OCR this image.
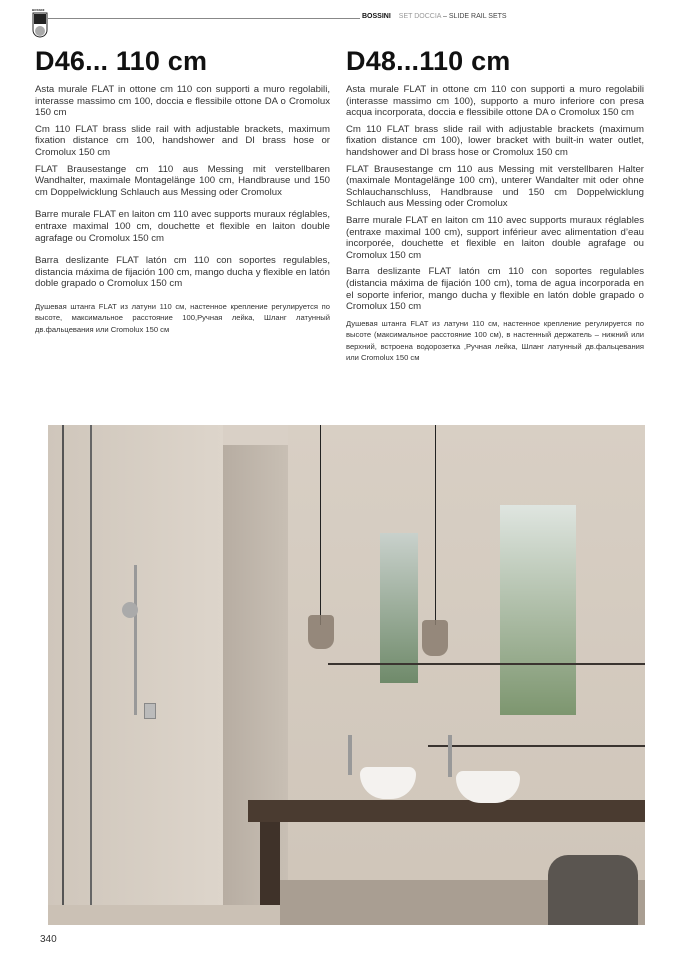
BOSSINI
BOSSINI SET DOCCIA – SLIDE RAIL SETS
D46... 110 cm	D48...110 cm

Asta murale FLAT in ottone cm 110 con supporti a muro regolabili, interasse massimo cm 100, doccia e flessibile ottone DA o Cromolux 150 cm

Cm 110 FLAT brass slide rail with adjustable brackets, maximum fixation distance cm 100, handshower and DI brass hose or Cromolux 150 cm

FLAT Brausestange cm 110 aus Messing mit verstellbaren Wandhalter, maximale Montagelänge 100 cm, Handbrause und 150 cm Doppelwicklung Schlauch aus Messing oder Cromolux

Barre murale FLAT en laiton cm 110 avec supports muraux réglables, entraxe maximal 100 cm, douchette et flexible en laiton double agrafage ou Cromolux 150 cm

Barra deslizante FLAT latón cm 110 con soportes regulables, distancia máxima de fijación 100 cm, mango ducha y flexible en latón doble grapado o Cromolux 150 cm

Душевая штанга FLAT из латуни 110 см, настенное крепление регулируется по высоте, максимальное расстояние 100,Ручная лейка, Шланг латунный дв.фальцевания или Cromolux 150 см

Asta murale FLAT in ottone cm 110 con supporti a muro regolabili (interasse massimo cm 100), supporto a muro inferiore con presa acqua incorporata, doccia e flessibile ottone DA o Cromolux 150 cm

Cm 110 FLAT brass slide rail with adjustable brackets (maximum fixation distance cm 100), lower bracket with built-in water outlet, handshower and DI brass hose or Cromolux 150 cm

FLAT Brausestange cm 110 aus Messing mit verstellbaren Halter (maximale Montagelänge 100 cm), unterer Wandalter mit oder ohne Schlauchanschluss, Handbrause und 150 cm Doppelwicklung Schlauch aus Messing oder Cromolux

Barre murale FLAT en laiton cm 110 avec supports muraux réglables (entraxe maximal 100 cm), support inférieur avec alimentation d’eau incorporée, douchette et flexible en laiton double agrafage ou Cromolux 150 cm

Barra deslizante FLAT latón cm 110 con soportes regulables (distancia máxima de fijación 100 cm), toma de agua incorporada en el soporte inferior, mango ducha y flexible en latón doble grapado o Cromolux 150 cm

Душевая штанга FLAT из латуни 110 см, настенное крепление регулируется по высоте (максимальное расстояние 100 см), в настенный держатель – нижний или верхний, встроена водорозетка ,Ручная лейка, Шланг латунный дв.фальцевания или Cromolux 150 см

340
